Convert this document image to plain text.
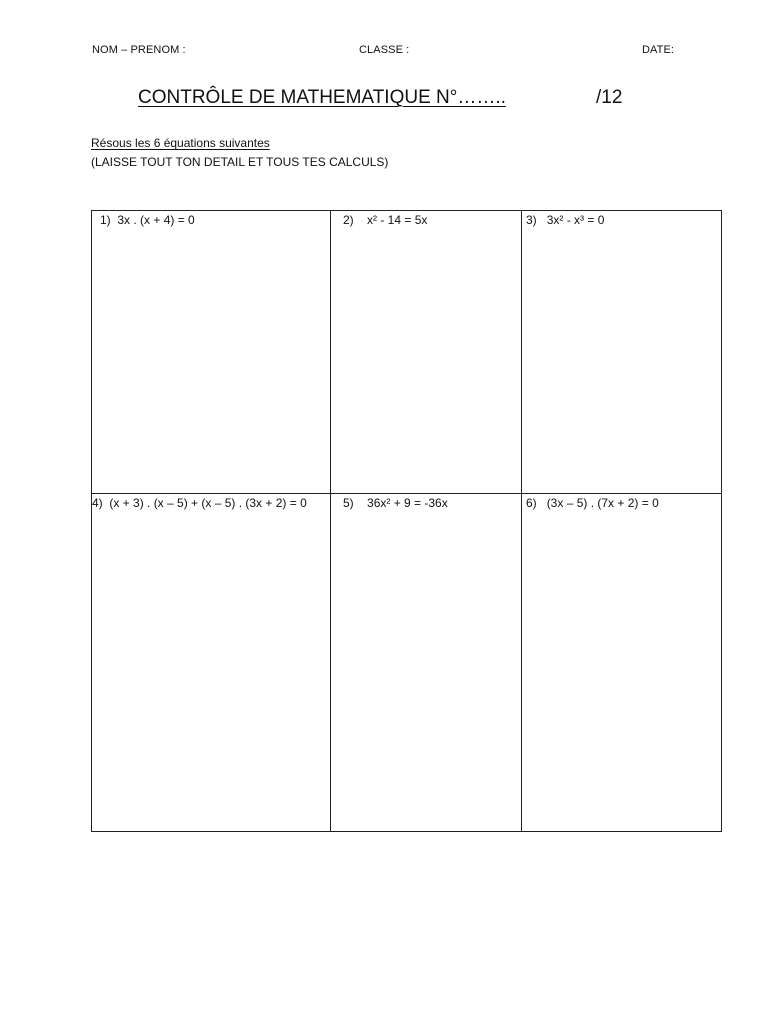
NOM – PRENOM :	CLASSE :	DATE:
CONTRÔLE DE MATHEMATIQUE N°……..	/12
Résous les 6 équations suivantes
(LAISSE TOUT TON DETAIL ET TOUS TES CALCULS)
1) 3x . (x + 4) = 0	2) x² - 14 = 5x	3) 3x² - x³ = 0
4) (x + 3) . (x – 5) + (x – 5) . (3x + 2) = 0	5) 36x² + 9 = -36x	6) (3x – 5) . (7x + 2) = 0
